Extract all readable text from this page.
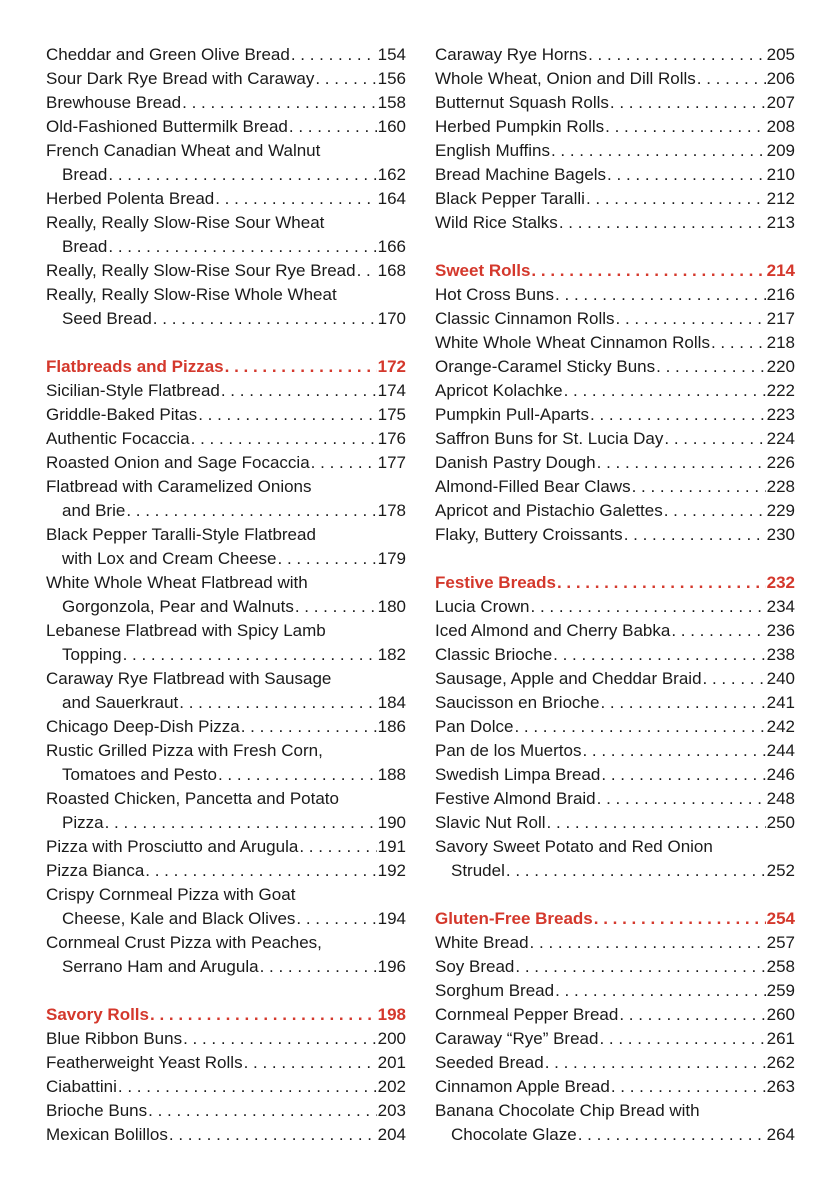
Cheddar and Green Olive Bread . . .	154
Sour Dark Rye Bread with Caraway . . .	156
Brewhouse Bread . . .	158
Old-Fashioned Buttermilk Bread . . .	160
French Canadian Wheat and Walnut
Bread . . .	162
Herbed Polenta Bread . . .	164
Really, Really Slow-Rise Sour Wheat
Bread . . .	166
Really, Really Slow-Rise Sour Rye Bread . . . 168
Really, Really Slow-Rise Whole Wheat
Seed Bread . . .	170
Flatbreads and Pizzas . . .	172
Sicilian-Style Flatbread . . .	174
Griddle-Baked Pitas . . .	175
Authentic Focaccia . . .	176
Roasted Onion and Sage Focaccia . . .	177
Flatbread with Caramelized Onions
and Brie . . .	178
Black Pepper Taralli-Style Flatbread
with Lox and Cream Cheese . . .	179
White Whole Wheat Flatbread with
Gorgonzola, Pear and Walnuts . . .	180
Lebanese Flatbread with Spicy Lamb
Topping . . .	182
Caraway Rye Flatbread with Sausage
and Sauerkraut . . .	184
Chicago Deep-Dish Pizza . . .	186
Rustic Grilled Pizza with Fresh Corn,
Tomatoes and Pesto . . .	188
Roasted Chicken, Pancetta and Potato
Pizza . . .	190
Pizza with Prosciutto and Arugula . . .	191
Pizza Bianca . . .	192
Crispy Cornmeal Pizza with Goat
Cheese, Kale and Black Olives . . .	194
Cornmeal Crust Pizza with Peaches,
Serrano Ham and Arugula . . .	196
Savory Rolls . . .	198
Blue Ribbon Buns . . .	200
Featherweight Yeast Rolls . . .	201
Ciabattini . . .	202
Brioche Buns . . .	203
Mexican Bolillos . . .	204
Caraway Rye Horns . . .	205
Whole Wheat, Onion and Dill Rolls . . .	206
Butternut Squash Rolls . . .	207
Herbed Pumpkin Rolls . . .	208
English Muffins . . .	209
Bread Machine Bagels . . .	210
Black Pepper Taralli . . .	212
Wild Rice Stalks . . .	213
Sweet Rolls . . .	214
Hot Cross Buns . . .	216
Classic Cinnamon Rolls . . .	217
White Whole Wheat Cinnamon Rolls . . .	218
Orange-Caramel Sticky Buns . . .	220
Apricot Kolachke . . .	222
Pumpkin Pull-Aparts . . .	223
Saffron Buns for St. Lucia Day . . .	224
Danish Pastry Dough . . .	226
Almond-Filled Bear Claws . . .	228
Apricot and Pistachio Galettes . . .	229
Flaky, Buttery Croissants . . .	230
Festive Breads . . .	232
Lucia Crown . . .	234
Iced Almond and Cherry Babka . . .	236
Classic Brioche . . .	238
Sausage, Apple and Cheddar Braid . . .	240
Saucisson en Brioche . . .	241
Pan Dolce . . .	242
Pan de los Muertos . . .	244
Swedish Limpa Bread . . .	246
Festive Almond Braid . . .	248
Slavic Nut Roll . . .	250
Savory Sweet Potato and Red Onion
Strudel . . .	252
Gluten-Free Breads . . .	254
White Bread . . .	257
Soy Bread . . .	258
Sorghum Bread . . .	259
Cornmeal Pepper Bread . . .	260
Caraway “Rye” Bread . . .	261
Seeded Bread . . .	262
Cinnamon Apple Bread . . .	263
Banana Chocolate Chip Bread with
Chocolate Glaze . . .	264
